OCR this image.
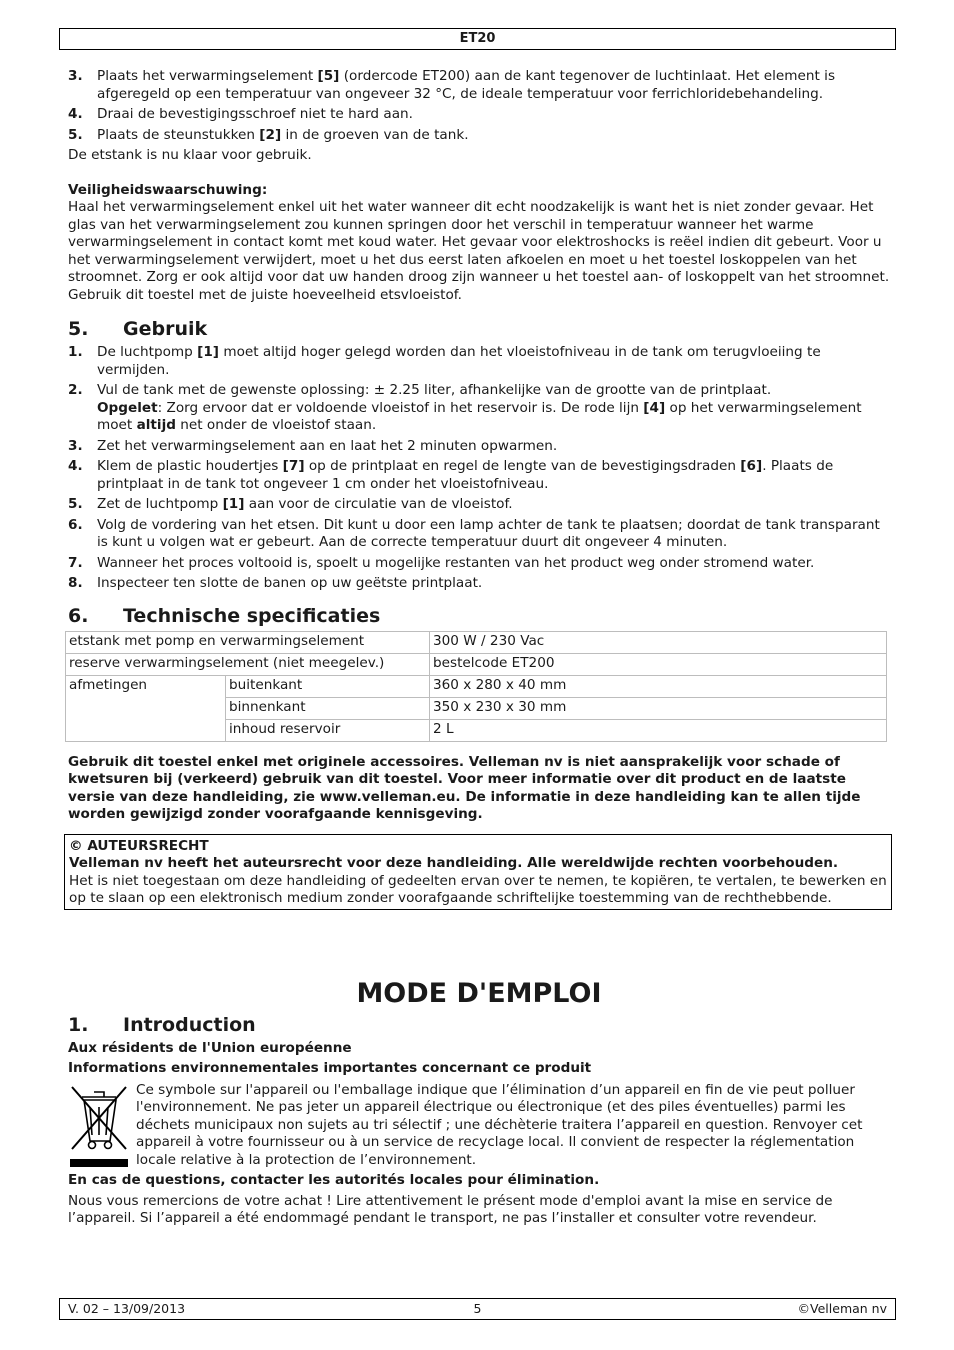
ET20
3. Plaats het verwarmingselement [5] (ordercode ET200) aan de kant tegenover de luchtinlaat. Het element is afgeregeld op een temperatuur van ongeveer 32 °C, de ideale temperatuur voor ferrichloridebehandeling.
4. Draai de bevestigingsschroef niet te hard aan.
5. Plaats de steunstukken [2] in de groeven van de tank.

De etstank is nu klaar voor gebruik.

Veiligheidswaarschuwing:

Haal het verwarmingselement enkel uit het water wanneer dit echt noodzakelijk is want het is niet zonder gevaar. Het glas van het verwarmingselement zou kunnen springen door het verschil in temperatuur wanneer het warme verwarmingselement in contact komt met koud water. Het gevaar voor elektroshocks is reëel indien dit gebeurt. Voor u het verwarmingselement verwijdert, moet u het dus eerst laten afkoelen en moet u het toestel loskoppelen van het stroomnet. Zorg er ook altijd voor dat uw handen droog zijn wanneer u het toestel aan- of loskoppelt van het stroomnet. Gebruik dit toestel met de juiste hoeveelheid etsvloeistof.

5. Gebruik
1. De luchtpomp [1] moet altijd hoger gelegd worden dan het vloeistofniveau in de tank om terugvloeiing te vermijden.
2. Vul de tank met de gewenste oplossing: ± 2.25 liter, afhankelijke van de grootte van de printplaat.
Opgelet: Zorg ervoor dat er voldoende vloeistof in het reservoir is. De rode lijn [4] op het verwarmingselement moet altijd net onder de vloeistof staan.
3. Zet het verwarmingselement aan en laat het 2 minuten opwarmen.
4. Klem de plastic houdertjes [7] op de printplaat en regel de lengte van de bevestigingsdraden [6]. Plaats de printplaat in de tank tot ongeveer 1 cm onder het vloeistofniveau.
5. Zet de luchtpomp [1] aan voor de circulatie van de vloeistof.
6. Volg de vordering van het etsen. Dit kunt u door een lamp achter de tank te plaatsen; doordat de tank transparant is kunt u volgen wat er gebeurt. Aan de correcte temperatuur duurt dit ongeveer 4 minuten.
7. Wanneer het proces voltooid is, spoelt u mogelijke restanten van het product weg onder stromend water.
8. Inspecteer ten slotte de banen op uw geëtste printplaat.
6. Technische specificaties
etstank met pomp en verwarmingselement		300 W / 230 Vac
reserve verwarmingselement (niet meegelev.)		bestelcode ET200
afmetingen	buitenkant	360 x 280 x 40 mm
	binnenkant	350 x 230 x 30 mm
	inhoud reservoir	2 L

Gebruik dit toestel enkel met originele accessoires. Velleman nv is niet aansprakelijk voor schade of kwetsuren bij (verkeerd) gebruik van dit toestel. Voor meer informatie over dit product en de laatste versie van deze handleiding, zie www.velleman.eu. De informatie in deze handleiding kan te allen tijde worden gewijzigd zonder voorafgaande kennisgeving.

© AUTEURSRECHT

Velleman nv heeft het auteursrecht voor deze handleiding. Alle wereldwijde rechten voorbehouden.

Het is niet toegestaan om deze handleiding of gedeelten ervan over te nemen, te kopiëren, te vertalen, te bewerken en op te slaan op een elektronisch medium zonder voorafgaande schriftelijke toestemming van de rechthebbende.

MODE D'EMPLOI
1. Introduction

Aux résidents de l'Union européenne

Informations environnementales importantes concernant ce produit

Ce symbole sur l'appareil ou l'emballage indique que l’élimination d’un appareil en fin de vie peut polluer l'environnement. Ne pas jeter un appareil électrique ou électronique (et des piles éventuelles) parmi les déchets municipaux non sujets au tri sélectif ; une déchèterie traitera l’appareil en question. Renvoyer cet appareil à votre fournisseur ou à un service de recyclage local. Il convient de respecter la réglementation locale relative à la protection de l’environnement.

En cas de questions, contacter les autorités locales pour élimination.

Nous vous remercions de votre achat ! Lire attentivement le présent mode d'emploi avant la mise en service de l’appareil. Si l’appareil a été endommagé pendant le transport, ne pas l’installer et consulter votre revendeur.

V. 02 – 13/09/2013	5	©Velleman nv
